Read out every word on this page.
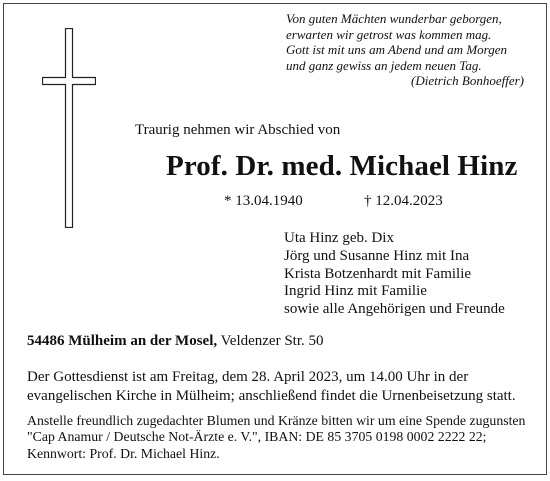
Von guten Mächten wunderbar geborgen,
erwarten wir getrost was kommen mag.
Gott ist mit uns am Abend und am Morgen
und ganz gewiss an jedem neuen Tag.
(Dietrich Bonhoeffer)
Traurig nehmen wir Abschied von
Prof. Dr. med. Michael Hinz
* 13.04.1940	† 12.04.2023
Uta Hinz geb. Dix
Jörg und Susanne Hinz mit Ina
Krista Botzenhardt mit Familie
Ingrid Hinz mit Familie
sowie alle Angehörigen und Freunde
54486 Mülheim an der Mosel, Veldenzer Str. 50
Der Gottesdienst ist am Freitag, dem 28. April 2023, um 14.00 Uhr in der
evangelischen Kirche in Mülheim; anschließend findet die Urnenbeisetzung statt.
Anstelle freundlich zugedachter Blumen und Kränze bitten wir um eine Spende zugunsten
"Cap Anamur / Deutsche Not-Ärzte e. V.", IBAN: DE 85 3705 0198 0002 2222 22;
Kennwort: Prof. Dr. Michael Hinz.
